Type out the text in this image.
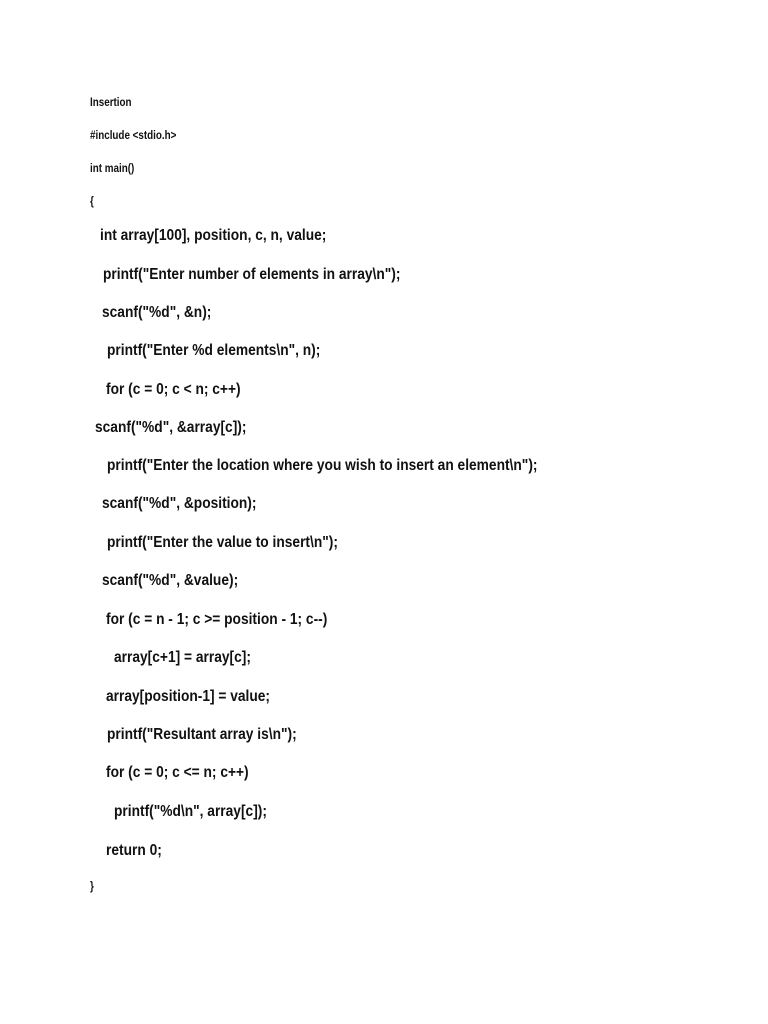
Insertion
#include <stdio.h>
int main()
{
int array[100], position, c, n, value;
printf("Enter number of elements in array\n");
scanf("%d", &n);
printf("Enter %d elements\n", n);
for (c = 0; c < n; c++)
scanf("%d", &array[c]);
printf("Enter the location where you wish to insert an element\n");
scanf("%d", &position);
printf("Enter the value to insert\n");
scanf("%d", &value);
for (c = n - 1; c >= position - 1; c--)
array[c+1] = array[c];
array[position-1] = value;
printf("Resultant array is\n");
for (c = 0; c <= n; c++)
printf("%d\n", array[c]);
return 0;
}
